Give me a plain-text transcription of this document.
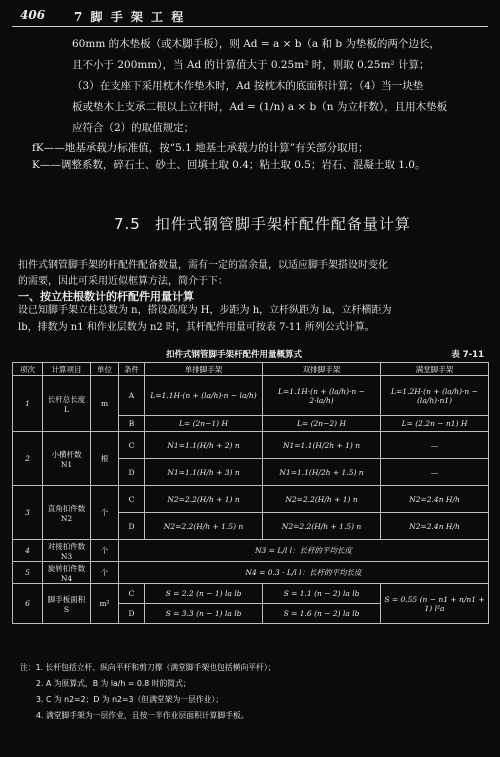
406 7 脚 手 架 工 程
60mm 的木垫板（或木脚手板），则 Ad = a × b（a 和 b 为垫板的两个边长，
且不小于 200mm），当 Ad 的计算值大于 0.25m² 时，则取 0.25m² 计算；
（3）在支座下采用枕木作垫木时，Ad 按枕木的底面积计算；（4）当一块垫
板或垫木上支承二根以上立杆时，Ad = (1/n) a × b（n 为立杆数），且用木垫板
应符合（2）的取值规定；

fK——地基承载力标准值，按“5.1 地基土承载力的计算”有关部分取用；

K——调整系数，碎石土、砂土、回填土取 0.4；粘土取 0.5；岩石、混凝土取 1.0。

7.5 扣件式钢管脚手架杆配件配备量计算

扣件式钢管脚手架的杆配件配备数量，需有一定的富余量，以适应脚手架搭设时变化

的需要，因此可采用近似框算方法，简介于下：

一、按立柱根数计的杆配件用量计算

设已知脚手架立柱总数为 n，搭设高度为 H，步距为 h，立杆纵距为 la，立杆横距为

lb，排数为 n1 和作业层数为 n2 时，其杆配件用量可按表 7-11 所列公式计算。

扣件式钢管脚手架杆配件用量概算式	表 7-11
项次	计算项目	单位	条件	单排脚手架	双排脚手架	满堂脚手架
1	长杆总长度 L	m	A	L=1.1H·(n + (la/h)·n − la/h)	L=1.1H·(n + (la/h)·n − 2·la/h)	L=1.2H·(n + (la/h)·n − (la/h)·n1)
			B	L= (2n−1) H	L= (2n−2) H	L= (2.2n − n1) H
2	小横杆数 N1	根	C	N1=1.1(H/h + 2) n	N1=1.1(H/2h + 1) n	—
			D	N1=1.1(H/h + 3) n	N1=1.1(H/2h + 1.5) n	—
3	直角扣件数 N2	个	C	N2=2.2(H/h + 1) n	N2=2.2(H/h + 1) n	N2=2.4n H/h
			D	N2=2.2(H/h + 1.5) n	N2=2.2(H/h + 1.5) n	N2=2.4n H/h
4	对接扣件数 N3	个	N3 = L/l l：长杆的平均长度			
5	旋转扣件数 N4	个	N4 = 0.3 · L/l l：长杆的平均长度			
6	脚手板面积 S	m²	C	S = 2.2 (n − 1) la lb	S = 1.1 (n − 2) la lb	S = 0.55 (n − n1 + n/n1 + 1) l²a
			D	S = 3.3 (n − 1) la lb	S = 1.6 (n − 2) la lb	

注：1. 长杆包括立杆、纵向平杆和剪刀撑（满堂脚手架也包括横向平杆）；

2. A 为原算式，B 为 la/h = 0.8 时的简式；

3. C 为 n2=2；D 为 n2=3（但满堂架为一层作业）；

4. 满堂脚手架为一层作业，且按一半作业层面积计算脚手板。
